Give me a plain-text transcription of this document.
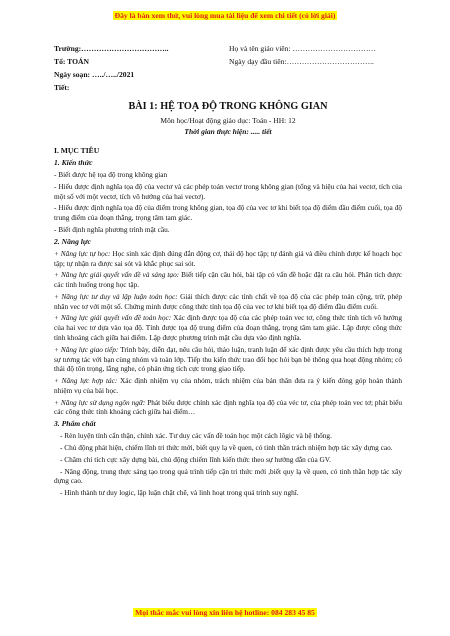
Đây là bản xem thử, vui lòng mua tài liệu để xem chi tiết (có lời giải)
Trường:……………………………..	Họ và tên giáo viên: ……………………………
Tổ: TOÁN	Ngày dạy đầu tiên:……………………………..
Ngày soạn: …../…../2021
Tiết:
BÀI 1: HỆ TOẠ ĐỘ TRONG KHÔNG GIAN
Môn học/Hoạt động giáo dục: Toán - HH: 12
Thời gian thực hiện: ..... tiết
I. MỤC TIÊU
1. Kiến thức

- Biết được hệ tọa độ trong không gian

- Hiểu được định nghĩa tọa độ của vectơ và các phép toán vectơ trong không gian (tổng và hiệu của hai vectơ, tích của một số với một vectơ, tích vô hướng của hai vectơ).

- Hiểu được định nghĩa tọa độ của điểm trong không gian, tọa độ của vec tơ khi biết tọa độ điểm đầu điểm cuối, tọa độ trung điểm của đoạn thẳng, trọng tâm tam giác.

- Biết định nghĩa phương trình mặt cầu.

2. Năng lực

+ Năng lực tự học: Học sinh xác định đúng đắn động cơ, thái độ học tập; tự đánh giá và điều chỉnh được kế hoạch học tập; tự nhận ra được sai sót và khắc phục sai sót.

+ Năng lực giải quyết vấn đề và sáng tạo: Biết tiếp cận câu hỏi, bài tập có vấn đề hoặc đặt ra câu hỏi. Phân tích được các tình huống trong học tập.

+ Năng lực tư duy và lập luận toán học: Giải thích được các tính chất về tọa độ của các phép toán cộng, trừ, phép nhân vec tơ với một số. Chứng minh được công thức tính tọa độ của vec tơ khi biết tọa độ điểm đầu điểm cuối.

+ Năng lực giải quyết vấn đề toán học: Xác định được tọa độ của các phép toán vec tơ, công thức tính tích vô hướng của hai vec tơ dựa vào tọa độ. Tính được tọa độ trung điểm của đoạn thẳng, trọng tâm tam giác. Lập được công thức tính khoảng cách giữa hai điểm. Lập được phương trình mặt cầu dựa vào định nghĩa.

+ Năng lực giao tiếp: Trình bày, diễn đạt, nêu câu hỏi, thảo luận, tranh luận để xác định được yêu cầu thích hợp trong sự tương tác với bạn cùng nhóm và toàn lớp. Tiếp thu kiến thức trao đổi học hỏi bạn bè thông qua hoạt động nhóm; có thái độ tôn trọng, lắng nghe, có phản ứng tích cực trong giao tiếp.

+ Năng lực hợp tác: Xác định nhiệm vụ của nhóm, trách nhiệm của bản thân đưa ra ý kiến đóng góp hoàn thành nhiệm vụ của bài học.

+ Năng lực sử dụng ngôn ngữ: Phát biểu được chính xác định nghĩa tọa độ của véc tơ, của phép toán vec tơ; phát biểu các công thức tính khoảng cách giữa hai điểm…

3. Phẩm chất

- Rèn luyện tính cẩn thận, chính xác. Tư duy các vấn đề toán học một cách lôgic và hệ thống.

- Chủ động phát hiện, chiếm lĩnh tri thức mới, biết quy lạ về quen, có tinh thần trách nhiệm hợp tác xây dựng cao.

- Chăm chỉ tích cực xây dựng bài, chủ động chiếm lĩnh kiến thức theo sự hướng dẫn của GV.

- Năng động, trung thực sáng tạo trong quá trình tiếp cận tri thức mới ,biết quy lạ về quen, có tinh thần hợp tác xây dựng cao.

- Hình thành tư duy logic, lập luận chặt chẽ, và linh hoạt trong quá trình suy nghĩ.

Mọi thắc mắc vui lòng xin liên hệ hotline: 084 283 45 85
